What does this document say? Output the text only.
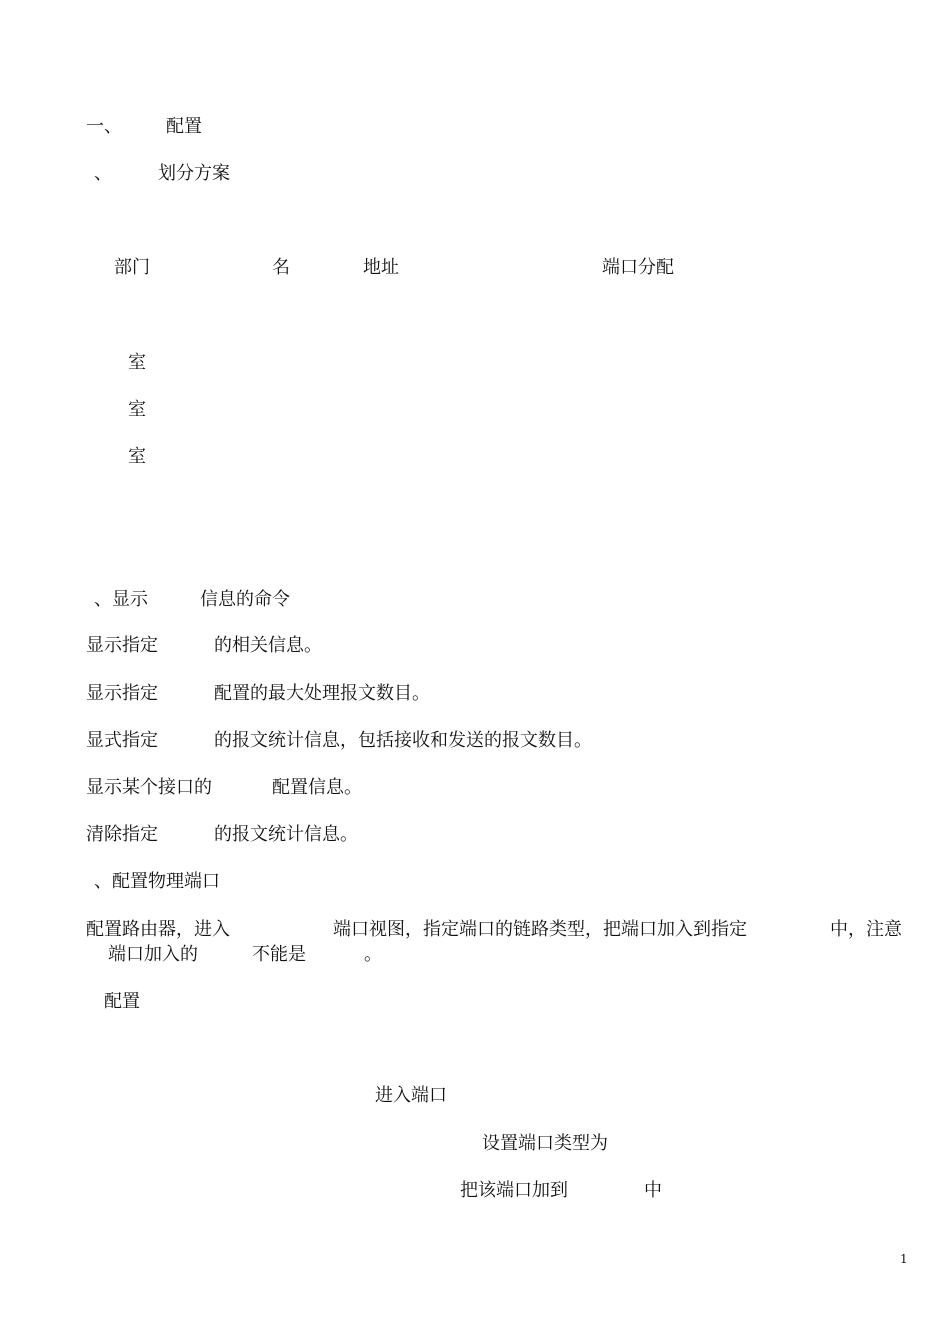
一、 配置
、	划分方案
部门	名	地址	端口分配
室
室
室
、显示	信息的命令
显示指定	的相关信息。
显示指定	配置的最大处理报文数目。
显式指定	的报文统计信息，包括接收和发送的报文数目。
显示某个接口的	配置信息。
清除指定	的报文统计信息。
、配置物理端口
配置路由器，进入	端口视图，指定端口的链路类型，把端口加入到指定	中，注意
端口加入的	不能是	。
配置
进入端口
设置端口类型为
把该端口加到	中
1
